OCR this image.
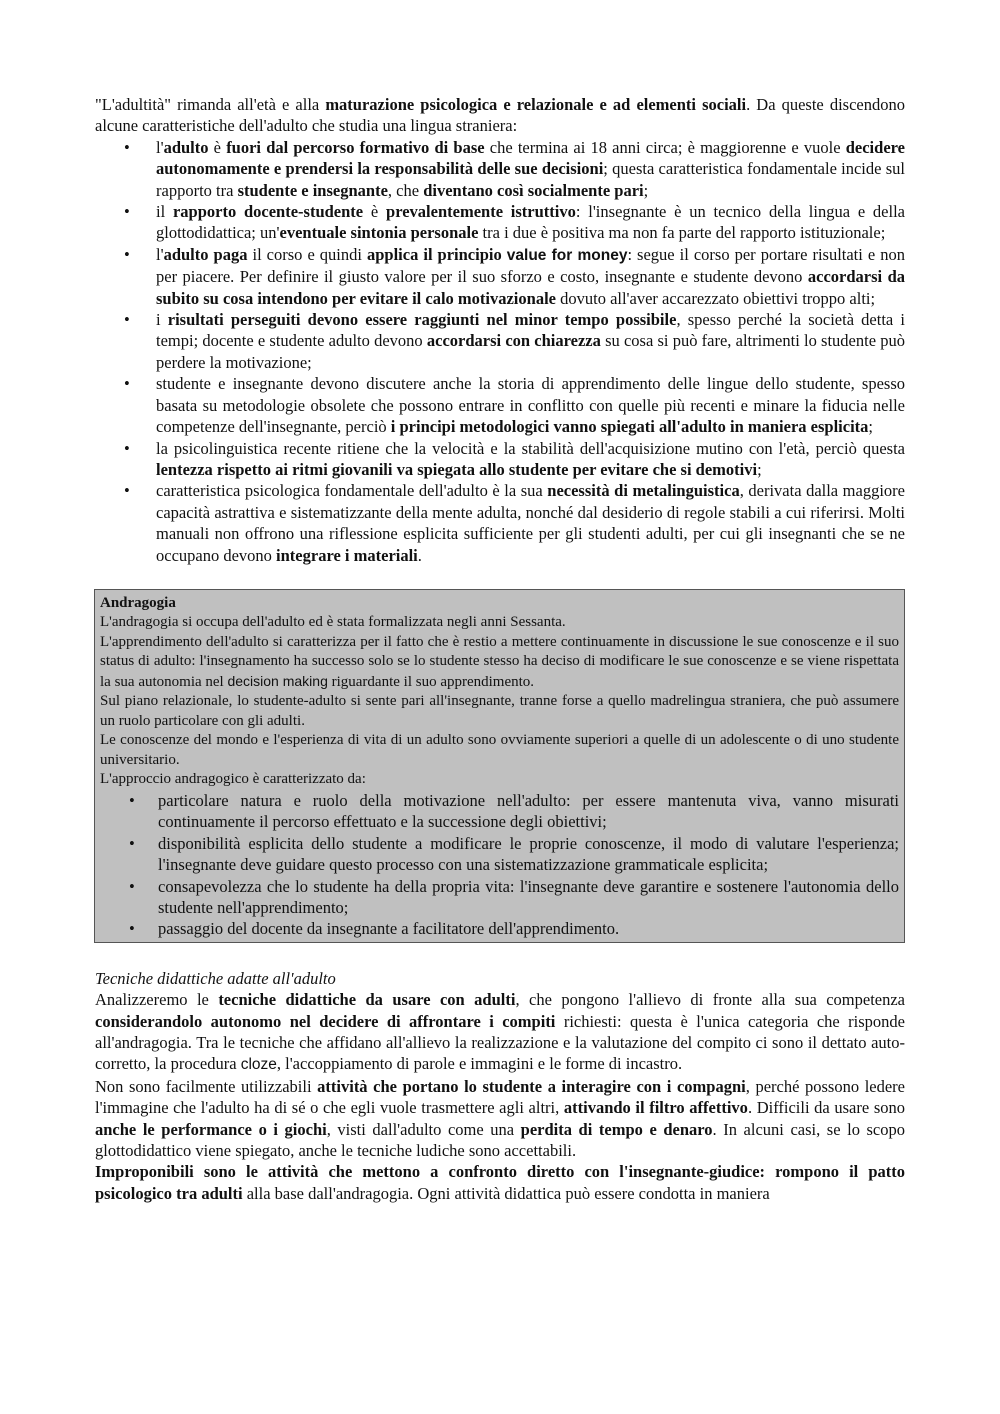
"L'adultità" rimanda all'età e alla maturazione psicologica e relazionale e ad elementi sociali. Da queste discendono alcune caratteristiche dell'adulto che studia una lingua straniera:

• l'adulto è fuori dal percorso formativo di base che termina ai 18 anni circa; è maggiorenne e vuole decidere autonomamente e prendersi la responsabilità delle sue decisioni; questa caratteristica fondamentale incide sul rapporto tra studente e insegnante, che diventano così socialmente pari;
• il rapporto docente-studente è prevalentemente istruttivo: l'insegnante è un tecnico della lingua e della glottodidattica; un'eventuale sintonia personale tra i due è positiva ma non fa parte del rapporto istituzionale;
• l'adulto paga il corso e quindi applica il principio value for money: segue il corso per portare risultati e non per piacere. Per definire il giusto valore per il suo sforzo e costo, insegnante e studente devono accordarsi da subito su cosa intendono per evitare il calo motivazionale dovuto all'aver accarezzato obiettivi troppo alti;
• i risultati perseguiti devono essere raggiunti nel minor tempo possibile, spesso perché la società detta i tempi; docente e studente adulto devono accordarsi con chiarezza su cosa si può fare, altrimenti lo studente può perdere la motivazione;
• studente e insegnante devono discutere anche la storia di apprendimento delle lingue dello studente, spesso basata su metodologie obsolete che possono entrare in conflitto con quelle più recenti e minare la fiducia nelle competenze dell'insegnante, perciò i principi metodologici vanno spiegati all'adulto in maniera esplicita;
• la psicolinguistica recente ritiene che la velocità e la stabilità dell'acquisizione mutino con l'età, perciò questa lentezza rispetto ai ritmi giovanili va spiegata allo studente per evitare che si demotivi;
• caratteristica psicologica fondamentale dell'adulto è la sua necessità di metalinguistica, derivata dalla maggiore capacità astrattiva e sistematizzante della mente adulta, nonché dal desiderio di regole stabili a cui riferirsi. Molti manuali non offrono una riflessione esplicita sufficiente per gli studenti adulti, per cui gli insegnanti che se ne occupano devono integrare i materiali.

Andragogia

L'andragogia si occupa dell'adulto ed è stata formalizzata negli anni Sessanta.

L'apprendimento dell'adulto si caratterizza per il fatto che è restio a mettere continuamente in discussione le sue conoscenze e il suo status di adulto: l'insegnamento ha successo solo se lo studente stesso ha deciso di modificare le sue conoscenze e se viene rispettata la sua autonomia nel decision making riguardante il suo apprendimento.

Sul piano relazionale, lo studente-adulto si sente pari all'insegnante, tranne forse a quello madrelingua straniera, che può assumere un ruolo particolare con gli adulti.

Le conoscenze del mondo e l'esperienza di vita di un adulto sono ovviamente superiori a quelle di un adolescente o di uno studente universitario.

L'approccio andragogico è caratterizzato da:

• particolare natura e ruolo della motivazione nell'adulto: per essere mantenuta viva, vanno misurati continuamente il percorso effettuato e la successione degli obiettivi;
• disponibilità esplicita dello studente a modificare le proprie conoscenze, il modo di valutare l'esperienza; l'insegnante deve guidare questo processo con una sistematizzazione grammaticale esplicita;
• consapevolezza che lo studente ha della propria vita: l'insegnante deve garantire e sostenere l'autonomia dello studente nell'apprendimento;
• passaggio del docente da insegnante a facilitatore dell'apprendimento.

Tecniche didattiche adatte all'adulto

Analizzeremo le tecniche didattiche da usare con adulti, che pongono l'allievo di fronte alla sua competenza considerandolo autonomo nel decidere di affrontare i compiti richiesti: questa è l'unica categoria che risponde all'andragogia. Tra le tecniche che affidano all'allievo la realizzazione e la valutazione del compito ci sono il dettato auto-corretto, la procedura cloze, l'accoppiamento di parole e immagini e le forme di incastro.

Non sono facilmente utilizzabili attività che portano lo studente a interagire con i compagni, perché possono ledere l'immagine che l'adulto ha di sé o che egli vuole trasmettere agli altri, attivando il filtro affettivo. Difficili da usare sono anche le performance o i giochi, visti dall'adulto come una perdita di tempo e denaro. In alcuni casi, se lo scopo glottodidattico viene spiegato, anche le tecniche ludiche sono accettabili.

Improponibili sono le attività che mettono a confronto diretto con l'insegnante-giudice: rompono il patto psicologico tra adulti alla base dall'andragogia. Ogni attività didattica può essere condotta in maniera
